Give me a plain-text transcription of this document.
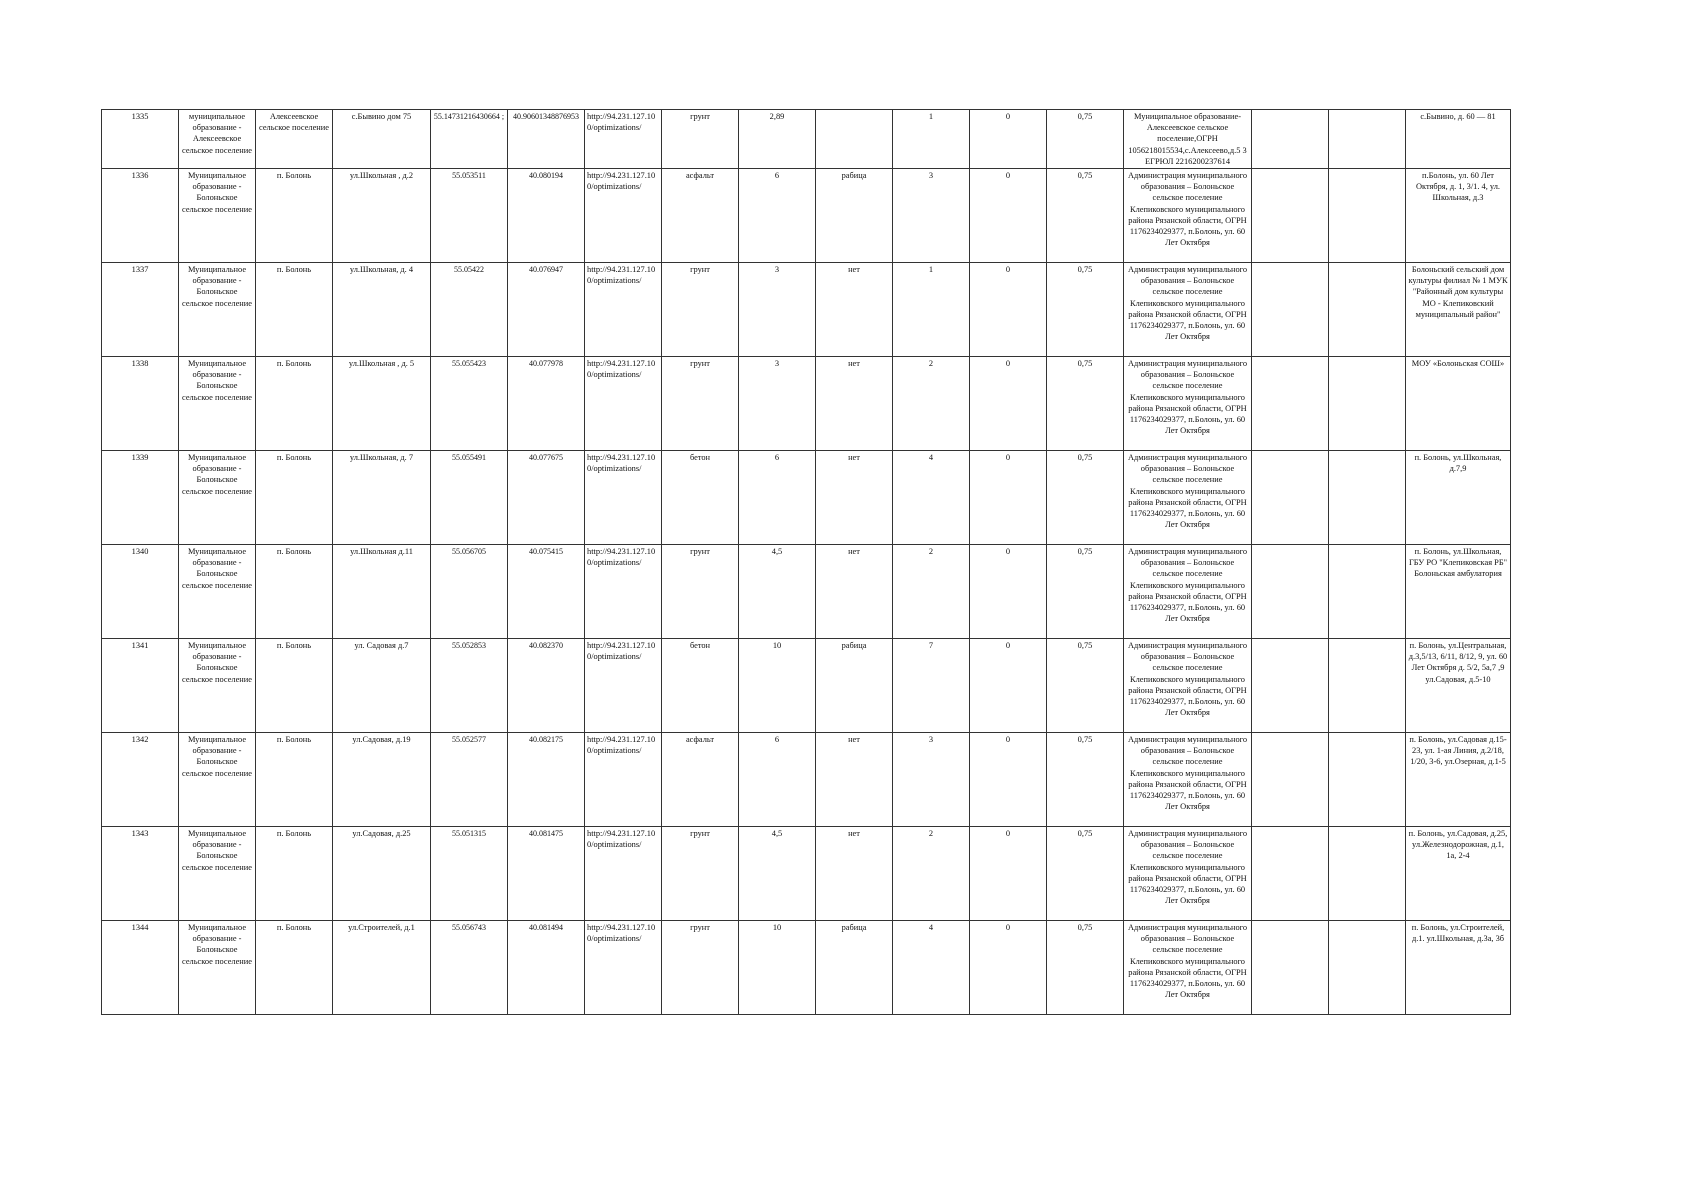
1335	муниципальное образование - Алексеевское сельское поселение	Алексеевское сельское поселение	с.Бывино дом 75	55.14731216430664 ;	40.90601348876953	http://94.231.127.10 0/optimizations/	грунт	2,89		1	0	0,75	Муниципальное образование-Алексеевское сельское поселение,ОГРН 1056218015534,с.Алексеево,д.5 3 ЕГРЮЛ 2216200237614			с.Бывино, д. 60 — 81
1336	Муниципальное образование - Болоньское сельское поселение	п. Болонь	ул.Школьная , д.2	55.053511	40.080194	http://94.231.127.10 0/optimizations/	асфальт	6	рабица	3	0	0,75	Администрация муниципального образования – Болоньское сельское поселение Клепиковского муниципального района Рязанской области, ОГРН 1176234029377, п.Болонь, ул. 60 Лет Октября			п.Болонь, ул. 60 Лет Октября, д. 1, 3/1. 4, ул. Школьная, д.3
1337	Муниципальное образование - Болоньское сельское поселение	п. Болонь	ул.Школьная, д. 4	55.05422	40.076947	http://94.231.127.10 0/optimizations/	грунт	3	нет	1	0	0,75	Администрация муниципального образования – Болоньское сельское поселение Клепиковского муниципального района Рязанской области, ОГРН 1176234029377, п.Болонь, ул. 60 Лет Октября			Болоньский сельский дом культуры филиал № 1 МУК "Районный дом культуры МО - Клепиковский муниципальный район"
1338	Муниципальное образование - Болоньское сельское поселение	п. Болонь	ул.Школьная , д. 5	55.055423	40.077978	http://94.231.127.10 0/optimizations/	грунт	3	нет	2	0	0,75	Администрация муниципального образования – Болоньское сельское поселение Клепиковского муниципального района Рязанской области, ОГРН 1176234029377, п.Болонь, ул. 60 Лет Октября			МОУ «Болоньская СОШ»
1339	Муниципальное образование - Болоньское сельское поселение	п. Болонь	ул.Школьная, д. 7	55.055491	40.077675	http://94.231.127.10 0/optimizations/	бетон	6	нет	4	0	0,75	Администрация муниципального образования – Болоньское сельское поселение Клепиковского муниципального района Рязанской области, ОГРН 1176234029377, п.Болонь, ул. 60 Лет Октября			п. Болонь, ул.Школьная, д.7,9
1340	Муниципальное образование - Болоньское сельское поселение	п. Болонь	ул.Школьная д.11	55.056705	40.075415	http://94.231.127.10 0/optimizations/	грунт	4,5	нет	2	0	0,75	Администрация муниципального образования – Болоньское сельское поселение Клепиковского муниципального района Рязанской области, ОГРН 1176234029377, п.Болонь, ул. 60 Лет Октября			п. Болонь, ул.Школьная, ГБУ РО "Клепиковская РБ" Болоньская амбулатория
1341	Муниципальное образование - Болоньское сельское поселение	п. Болонь	ул. Садовая д.7	55.052853	40.082370	http://94.231.127.10 0/optimizations/	бетон	10	рабица	7	0	0,75	Администрация муниципального образования – Болоньское сельское поселение Клепиковского муниципального района Рязанской области, ОГРН 1176234029377, п.Болонь, ул. 60 Лет Октября			п. Болонь, ул.Центральная, д.3,5/13, 6/11, 8/12, 9, ул. 60 Лет Октября д. 5/2, 5a,7 ,9 ул.Садовая, д.5-10
1342	Муниципальное образование - Болоньское сельское поселение	п. Болонь	ул.Садовая, д.19	55.052577	40.082175	http://94.231.127.10 0/optimizations/	асфальт	6	нет	3	0	0,75	Администрация муниципального образования – Болоньское сельское поселение Клепиковского муниципального района Рязанской области, ОГРН 1176234029377, п.Болонь, ул. 60 Лет Октября			п. Болонь, ул.Садовая д.15-23, ул. 1-ая Линия, д.2/18, 1/20, 3-6, ул.Озерная, д.1-5
1343	Муниципальное образование - Болоньское сельское поселение	п. Болонь	ул.Садовая, д.25	55.051315	40.081475	http://94.231.127.10 0/optimizations/	грунт	4,5	нет	2	0	0,75	Администрация муниципального образования – Болоньское сельское поселение Клепиковского муниципального района Рязанской области, ОГРН 1176234029377, п.Болонь, ул. 60 Лет Октября			п. Болонь, ул.Садовая, д.25, ул.Железнодорожная, д.1, 1а, 2-4
1344	Муниципальное образование - Болоньское сельское поселение	п. Болонь	ул.Строителей, д.1	55.056743	40.081494	http://94.231.127.10 0/optimizations/	грунт	10	рабица	4	0	0,75	Администрация муниципального образования – Болоньское сельское поселение Клепиковского муниципального района Рязанской области, ОГРН 1176234029377, п.Болонь, ул. 60 Лет Октября			п. Болонь, ул.Строителей, д.1. ул.Школьная, д.3а, 3б
